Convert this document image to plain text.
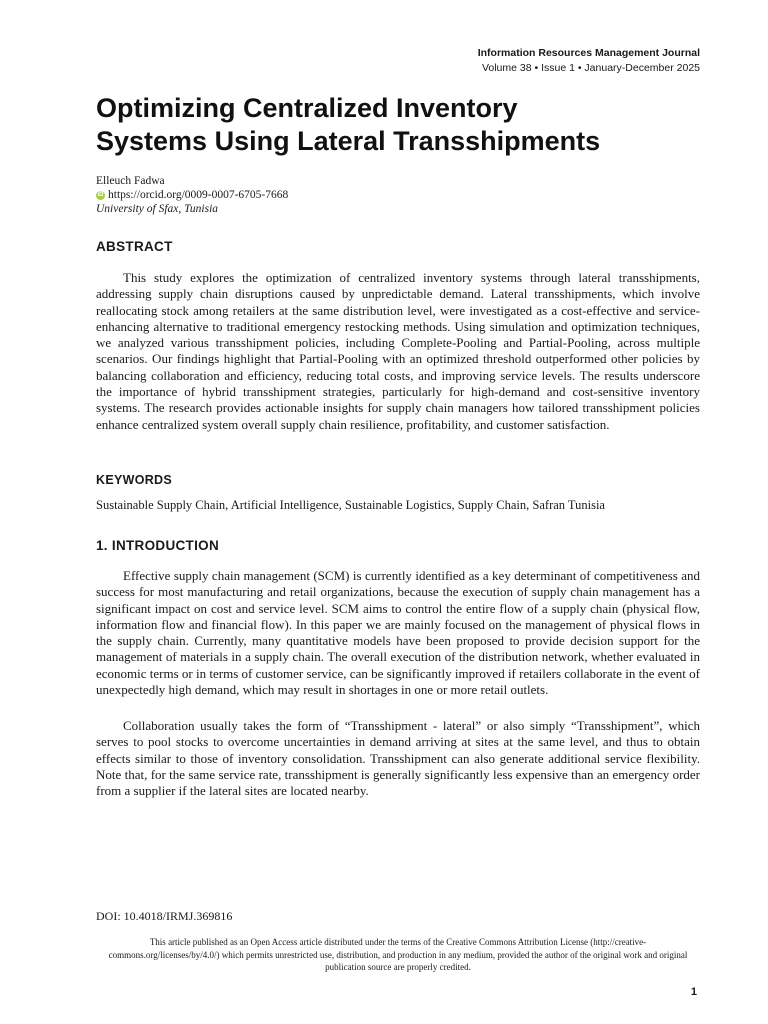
Information Resources Management Journal
Volume 38 • Issue 1 • January-December 2025
Optimizing Centralized Inventory
Systems Using Lateral Transshipments
Elleuch Fadwa
iD https://orcid.org/0009-0007-6705-7668
University of Sfax, Tunisia
ABSTRACT

This study explores the optimization of centralized inventory systems through lateral transshipments, addressing supply chain disruptions caused by unpredictable demand. Lateral transshipments, which involve reallocating stock among retailers at the same distribution level, were investigated as a cost-effective and service-enhancing alternative to traditional emergency restocking methods. Using simulation and optimization techniques, we analyzed various transshipment policies, including Complete-Pooling and Partial-Pooling, across multiple scenarios. Our findings highlight that Partial-Pooling with an optimized threshold outperformed other policies by balancing collaboration and efficiency, reducing total costs, and improving service levels. The results underscore the importance of hybrid transshipment strategies, particularly for high-demand and cost-sensitive inventory systems. The research provides actionable insights for supply chain managers how tailored transshipment policies enhance centralized system overall supply chain resilience, profitability, and customer satisfaction.

KEYWORDS
Sustainable Supply Chain, Artificial Intelligence, Sustainable Logistics, Supply Chain, Safran Tunisia
1. INTRODUCTION

Effective supply chain management (SCM) is currently identified as a key determinant of competitiveness and success for most manufacturing and retail organizations, because the execution of supply chain management has a significant impact on cost and service level. SCM aims to control the entire flow of a supply chain (physical flow, information flow and financial flow). In this paper we are mainly focused on the management of physical flows in the supply chain. Currently, many quantitative models have been proposed to provide decision support for the management of materials in a supply chain. The overall execution of the distribution network, whether evaluated in economic terms or in terms of customer service, can be significantly improved if retailers collaborate in the event of unexpectedly high demand, which may result in shortages in one or more retail outlets.

Collaboration usually takes the form of “Transshipment - lateral” or also simply “Transshipment”, which serves to pool stocks to overcome uncertainties in demand arriving at sites at the same level, and thus to obtain effects similar to those of inventory consolidation. Transshipment can also generate additional service flexibility. Note that, for the same service rate, transshipment is generally significantly less expensive than an emergency order from a supplier if the lateral sites are located nearby.

DOI: 10.4018/IRMJ.369816
This article published as an Open Access article distributed under the terms of the Creative Commons Attribution License (http://creative-commons.org/licenses/by/4.0/) which permits unrestricted use, distribution, and production in any medium, provided the author of the original work and original publication source are properly credited.
1
